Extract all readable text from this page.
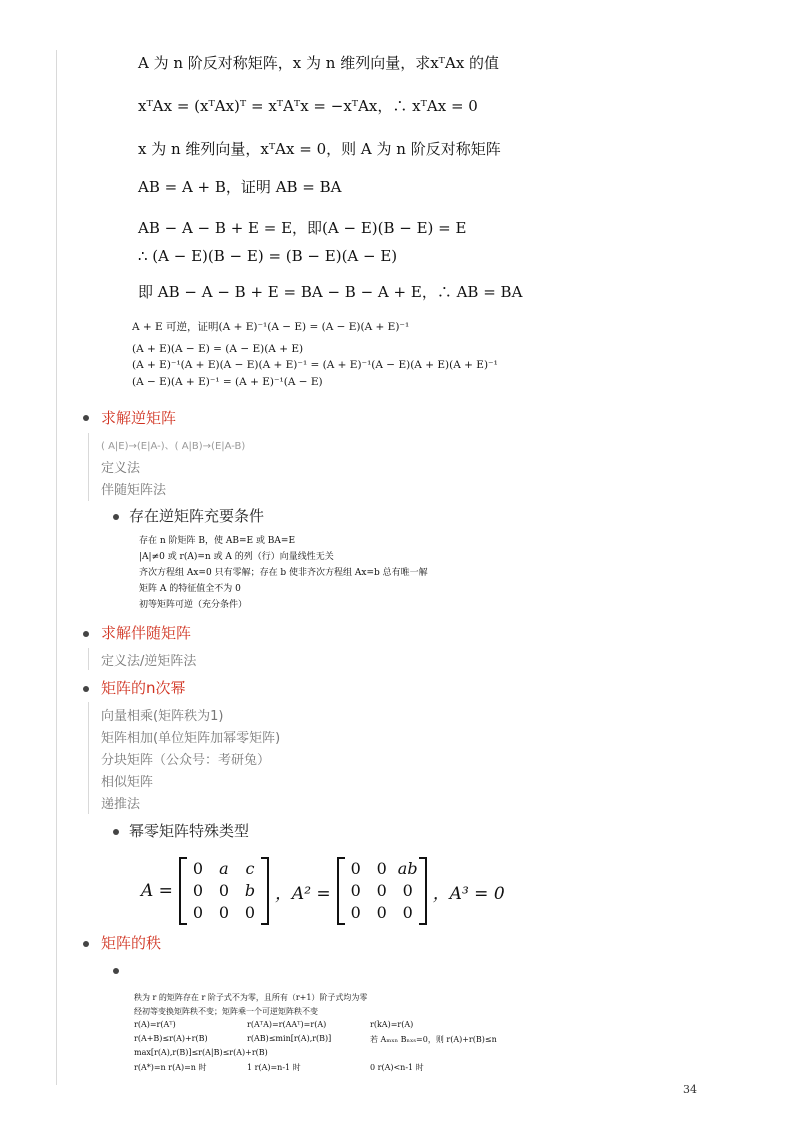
A 为 n 阶反对称矩阵，x 为 n 维列向量，求xᵀAx 的值
xᵀAx = (xᵀAx)ᵀ = xᵀAᵀx = −xᵀAx，∴ xᵀAx = 0
x 为 n 维列向量，xᵀAx = 0，则 A 为 n 阶反对称矩阵
AB = A + B，证明 AB = BA
AB − A − B + E = E，即(A − E)(B − E) = E
∴ (A − E)(B − E) = (B − E)(A − E)
即 AB − A − B + E = BA − B − A + E，∴ AB = BA
A + E 可逆，证明(A + E)⁻¹(A − E) = (A − E)(A + E)⁻¹
(A + E)(A − E) = (A − E)(A + E)
(A + E)⁻¹(A + E)(A − E)(A + E)⁻¹ = (A + E)⁻¹(A − E)(A + E)(A + E)⁻¹
(A − E)(A + E)⁻¹ = (A + E)⁻¹(A − E)
求解逆矩阵
( A|E)→(E|A-)、( A|B)→(E|A-B)
定义法
伴随矩阵法
存在逆矩阵充要条件
存在 n 阶矩阵 B，使 AB=E 或 BA=E
|A|≠0 或 r(A)=n 或 A 的列（行）向量线性无关
齐次方程组 Ax=0 只有零解；存在 b 使非齐次方程组 Ax=b 总有唯一解
矩阵 A 的特征值全不为 0
初等矩阵可逆（充分条件）
求解伴随矩阵
定义法/逆矩阵法
矩阵的n次幂
向量相乘(矩阵秩为1)
矩阵相加(单位矩阵加幂零矩阵)
分块矩阵（公众号：考研兔）
相似矩阵
递推法
幂零矩阵特殊类型
A =
0	a	c
0 0 b
0 0 0
，A² =
0 0 ab
0 0 0
0 0 0
，A³ = 0
矩阵的秩
秩为 r 的矩阵存在 r 阶子式不为零，且所有（r+1）阶子式均为零
经初等变换矩阵秩不变；矩阵乘一个可逆矩阵秩不变
r(A)=r(Aᵀ)	r(AᵀA)=r(AAᵀ)=r(A)	r(kA)=r(A)
r(A+B)≤r(A)+r(B)	r(AB)≤min[r(A),r(B)]	若 Aₘₓₙ Bₙₓₛ=0，则 r(A)+r(B)≤n
max[r(A),r(B)]≤r(A|B)≤r(A)+r(B)
r(A*)=n r(A)=n 时	1 r(A)=n-1 时	0 r(A)<n-1 时
34
